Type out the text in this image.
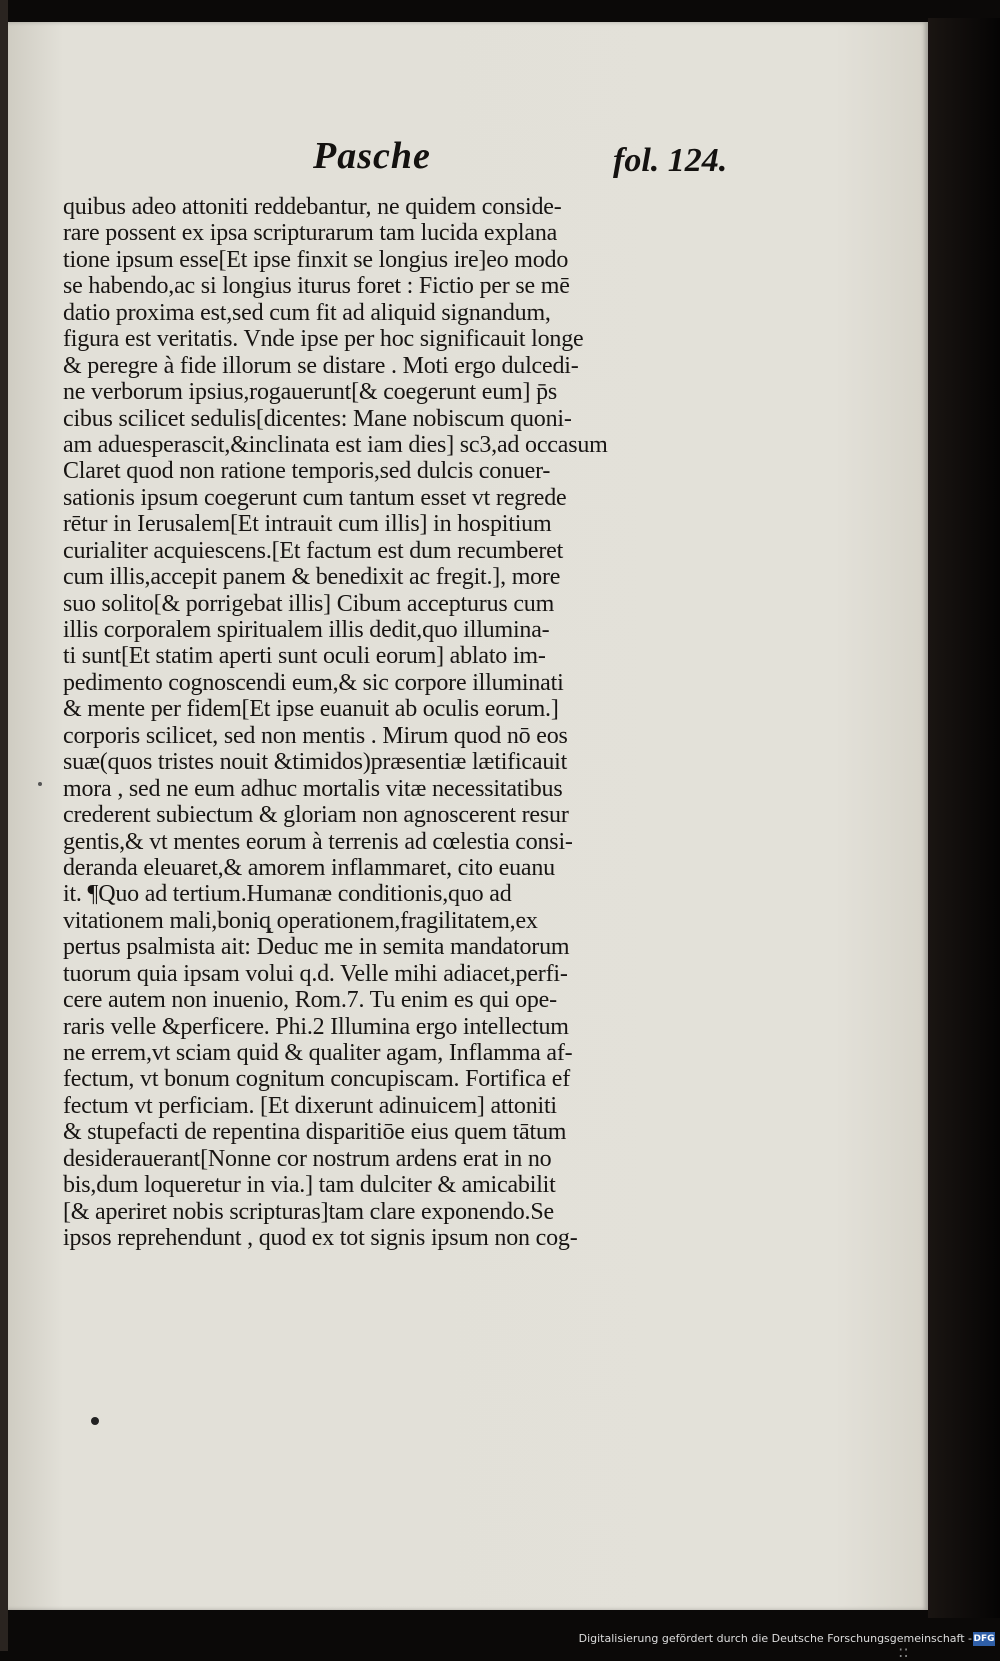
Pasche	fol. 124.
quibus adeo attoniti reddebantur, ne quidem conside-
rare possent ex ipsa scripturarum tam lucida explana
tione ipsum esse[Et ipse finxit se longius ire]eo modo
se habendo,ac si longius iturus foret : Fictio per se mē
datio proxima est,sed cum fit ad aliquid signandum,
figura est veritatis. Vnde ipse per hoc significauit longe
& peregre à fide illorum se distare . Moti ergo dulcedi-
ne verborum ipsius,rogauerunt[& coegerunt eum] p̄s
cibus scilicet sedulis[dicentes: Mane nobiscum quoni-
am aduesperascit,&inclinata est iam dies] sc3,ad occasum
Claret quod non ratione temporis,sed dulcis conuer-
sationis ipsum coegerunt cum tantum esset vt regrede
rētur in Ierusalem[Et intrauit cum illis] in hospitium
curialiter acquiescens.[Et factum est dum recumberet
cum illis,accepit panem & benedixit ac fregit.], more
suo solito[& porrigebat illis] Cibum accepturus cum
illis corporalem spiritualem illis dedit,quo illumina-
ti sunt[Et statim aperti sunt oculi eorum] ablato im-
pedimento cognoscendi eum,& sic corpore illuminati
& mente per fidem[Et ipse euanuit ab oculis eorum.]
corporis scilicet, sed non mentis . Mirum quod nō eos
suæ(quos tristes nouit &timidos)præsentiæ lætificauit
mora , sed ne eum adhuc mortalis vitæ necessitatibus
crederent subiectum & gloriam non agnoscerent resur
gentis,& vt mentes eorum à terrenis ad cœlestia consi-
deranda eleuaret,& amorem inflammaret, cito euanu
it. ¶Quo ad tertium.Humanæ conditionis,quo ad
vitationem mali,boniq̨ operationem,fragilitatem,ex
pertus psalmista ait: Deduc me in semita mandatorum
tuorum quia ipsam volui q.d. Velle mihi adiacet,perfi-
cere autem non inuenio, Rom.7. Tu enim es qui ope-
raris velle &perficere. Phi.2 Illumina ergo intellectum
ne errem,vt sciam quid & qualiter agam, Inflamma af-
fectum, vt bonum cognitum concupiscam. Fortifica ef
fectum vt perficiam. [Et dixerunt adinuicem] attoniti
& stupefacti de repentina disparitiōe eius quem tātum
desiderauerant[Nonne cor nostrum ardens erat in no
bis,dum loqueretur in via.] tam dulciter & amicabilit
[& aperiret nobis scripturas]tam clare exponendo.Se
ipsos reprehendunt , quod ex tot signis ipsum non cog-
::
Digitalisierung gefördert durch die Deutsche Forschungsgemeinschaft - DFG
